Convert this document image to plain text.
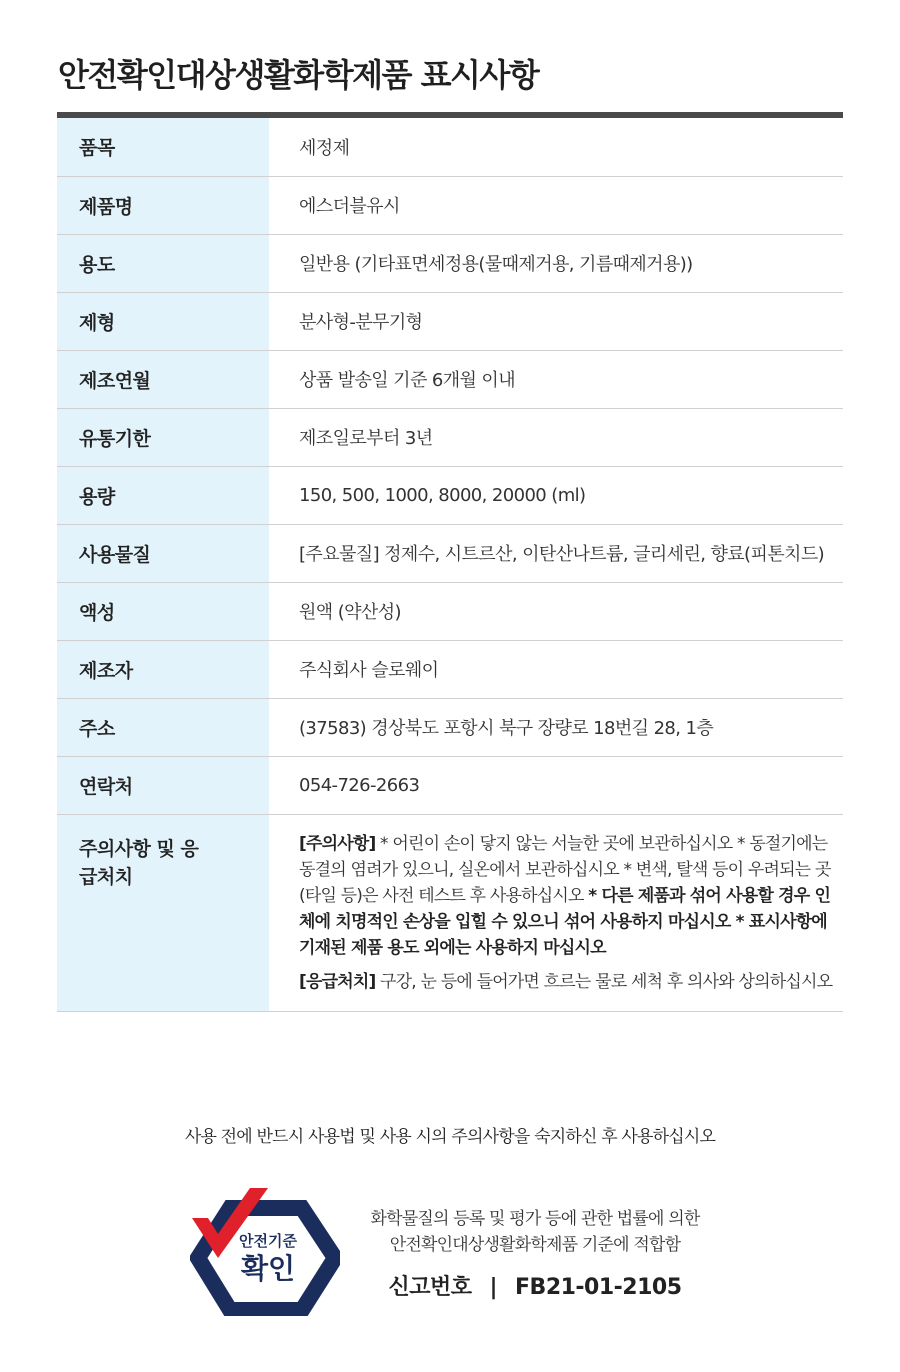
안전확인대상생활화학제품 표시사항
품목	세정제
제품명	에스더블유시
용도	일반용 (기타표면세정용(물때제거용, 기름때제거용))
제형	분사형-분무기형
제조연월	상품 발송일 기준 6개월 이내
유통기한	제조일로부터 3년
용량	150, 500, 1000, 8000, 20000 (ml)
사용물질	[주요물질] 정제수, 시트르산, 이탄산나트륨, 글리세린, 향료(피톤치드)
액성	원액 (약산성)
제조자	주식회사 슬로웨이
주소	(37583) 경상북도 포항시 북구 장량로 18번길 28, 1층
연락처	054-726-2663
주의사항 및 응급처치	[주의사항] * 어린이 손이 닿지 않는 서늘한 곳에 보관하십시오 * 동절기에는 동결의 염려가 있으니, 실온에서 보관하십시오 * 변색, 탈색 등이 우려되는 곳(타일 등)은 사전 테스트 후 사용하십시오 * 다른 제품과 섞어 사용할 경우 인체에 치명적인 손상을 입힐 수 있으니 섞어 사용하지 마십시오 * 표시사항에 기재된 제품 용도 외에는 사용하지 마십시오

[응급처치] 구강, 눈 등에 들어가면 흐르는 물로 세척 후 의사와 상의하십시오

사용 전에 반드시 사용법 및 사용 시의 주의사항을 숙지하신 후 사용하십시오
안전기준
확인
화학물질의 등록 및 평가 등에 관한 법률에 의한
안전확인대상생활화학제품 기준에 적합함
신고번호 | FB21-01-2105
